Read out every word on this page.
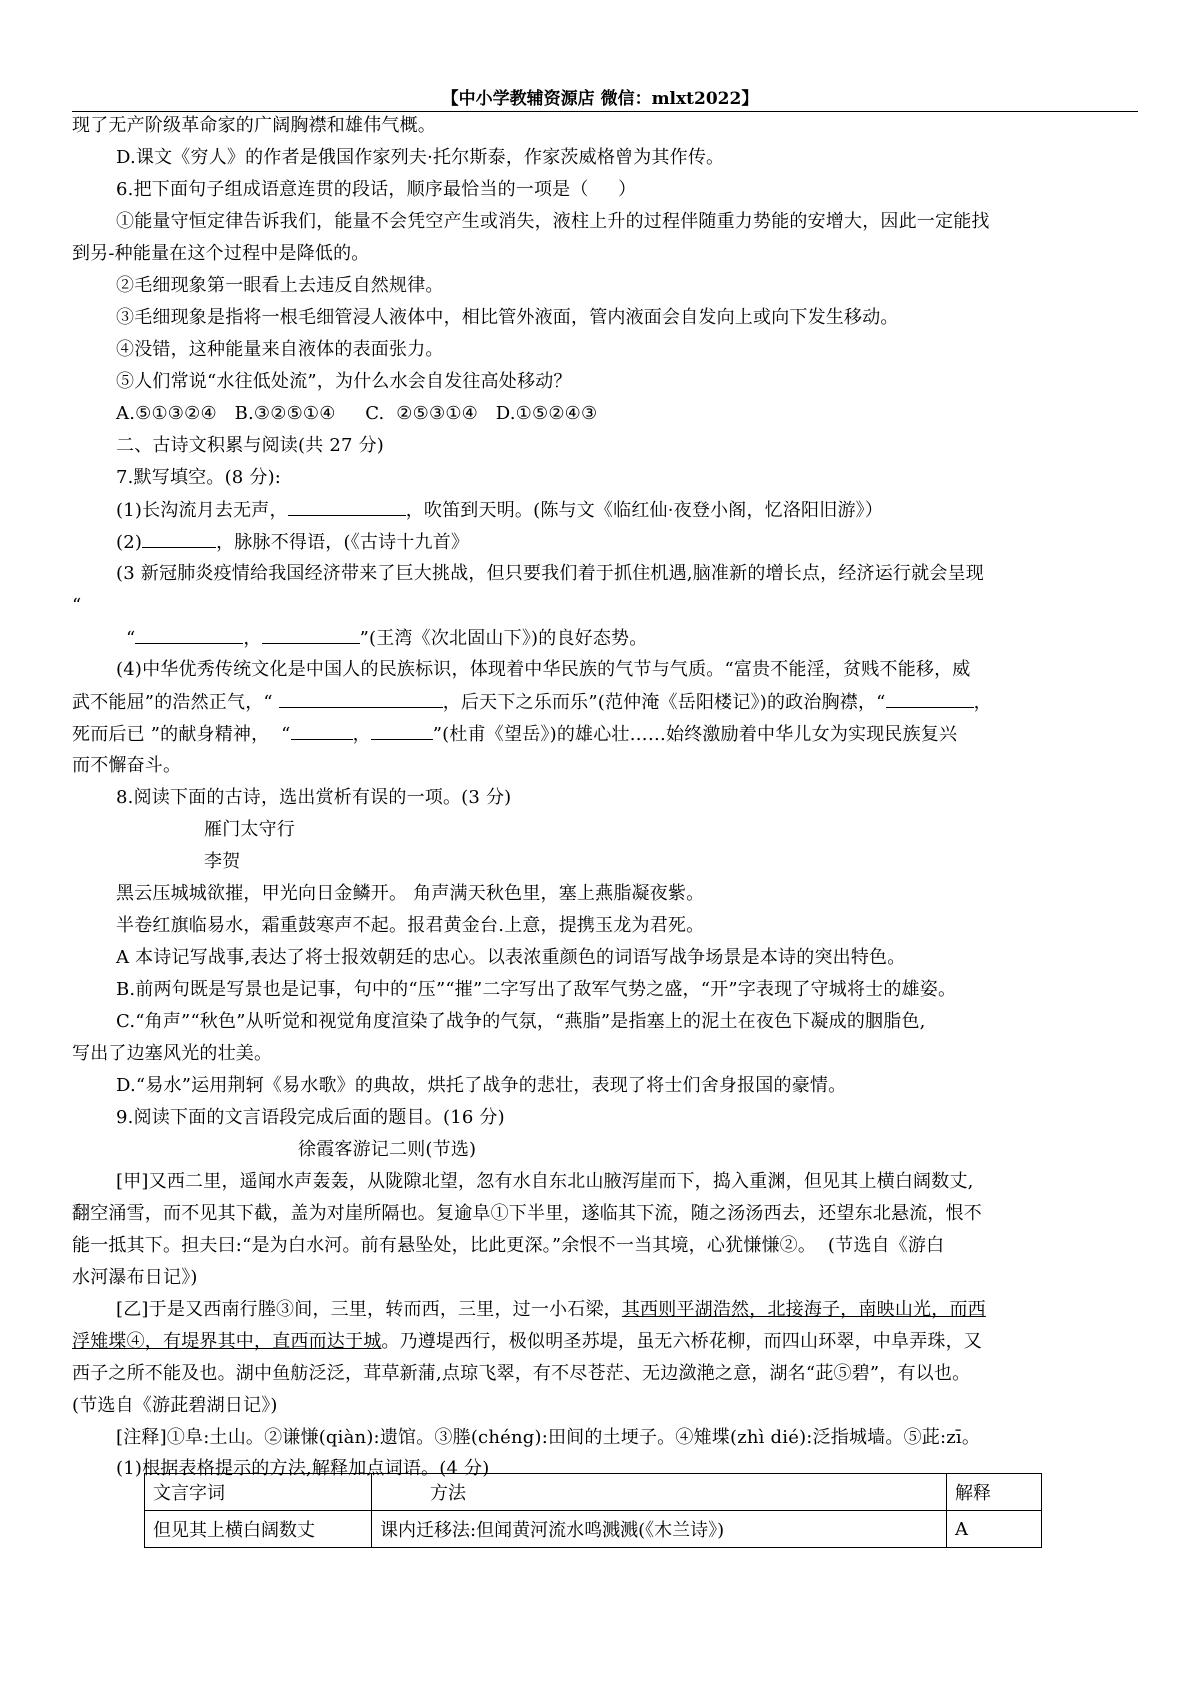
【中小学教辅资源店 微信：mlxt2022】
现了无产阶级革命家的广阔胸襟和雄伟气概。
D.课文《穷人》的作者是俄国作家列夫·托尔斯泰，作家茨威格曾为其作传。
6.把下面句子组成语意连贯的段话，顺序最恰当的一项是（     ）
①能量守恒定律告诉我们，能量不会凭空产生或消失，液柱上升的过程伴随重力势能的安增大，因此一定能找
到另-种能量在这个过程中是降低的。
②毛细现象第一眼看上去违反自然规律。
③毛细现象是指将一根毛细管浸人液体中，相比管外液面，管内液面会自发向上或向下发生移动。
④没错，这种能量来自液体的表面张力。
⑤人们常说“水往低处流”，为什么水会自发往高处移动？
A.⑤①③②④   B.③②⑤①④     C.  ②⑤③①④   D.①⑤②④③
二、古诗文积累与阅读(共 27 分)
7.默写填空。(8 分):
(1)长沟流月去无声，	，吹笛到天明。(陈与文《临红仙·夜登小阁，忆洛阳旧游》）
(2)	，脉脉不得语，(《古诗十九首》
(3 新冠肺炎疫情给我国经济带来了巨大挑战，但只要我们着于抓住机遇,脑准新的增长点，经济运行就会呈现
“
“	，	”(王湾《次北固山下》)的良好态势。
(4)中华优秀传统文化是中国人的民族标识，体现着中华民族的气节与气质。“富贵不能淫，贫贱不能移，威
武不能屈”的浩然正气，“	，后天下之乐而乐”(范仲淹《岳阳楼记》)的政治胸襟，“	，
死而后已 ”的献身精神，  “	，	”(杜甫《望岳》)的雄心壮……始终激励着中华儿女为实现民族复兴
而不懈奋斗。
8.阅读下面的古诗，选出赏析有误的一项。(3 分)
雁门太守行
李贺
黑云压城城欲摧，甲光向日金鳞开。 角声满天秋色里，塞上燕脂凝夜紫。
半卷红旗临易水，霜重鼓寒声不起。报君黄金台.上意，提携玉龙为君死。
A 本诗记写战事,表达了将士报效朝廷的忠心。以表浓重颜色的词语写战争场景是本诗的突出特色。
B.前两句既是写景也是记事，句中的“压”“摧”二字写出了敌军气势之盛，“开”字表现了守城将士的雄姿。
C.“角声”“秋色”从听觉和视觉角度渲染了战争的气氛，“燕脂”是指塞上的泥土在夜色下凝成的胭脂色,
写出了边塞风光的壮美。
D.“易水”运用荆轲《易水歌》的典故，烘托了战争的悲壮，表现了将士们舍身报国的豪情。
9.阅读下面的文言语段完成后面的题目。(16 分)
徐霞客游记二则(节选)
[甲]又西二里，遥闻水声轰轰，从陇隙北望，忽有水自东北山腋泻崖而下，捣入重渊，但见其上横白阔数丈,
翻空涌雪，而不见其下截，盖为对崖所隔也。复逾阜①下半里，遂临其下流，随之汤汤西去，还望东北悬流，恨不
能一抵其下。担夫曰:“是为白水河。前有悬坠处，比此更深。”余恨不一当其境，心犹慊慊②。  (节选自《游白
水河瀑布日记》)
[乙]于是又西南行塍③间，三里，转而西，三里，过一小石梁，其西则平湖浩然，北接海子，南映山光，而西
浮雉堞④，有堤界其中，直西而达于城。乃遵堤西行，极似明圣苏堤，虽无六桥花柳，而四山环翠，中阜弄珠，又
西子之所不能及也。湖中鱼舫泛泛，茸草新蒲,点琼飞翠，有不尽苍茫、无边潋滟之意，湖名“茈⑤碧”，有以也。
(节选自《游茈碧湖日记》)
[注释]①阜:土山。②谦慊(qiàn):遗馆。③塍(chéng):田间的土埂子。④雉堞(zhì dié):泛指城墙。⑤茈:zī。
(1)根据表格提示的方法,解释加点词语。(4 分)
文言字词	方法	解释
但见其上横白阔数丈	课内迁移法:但闻黄河流水鸣溅溅(《木兰诗》)	A
